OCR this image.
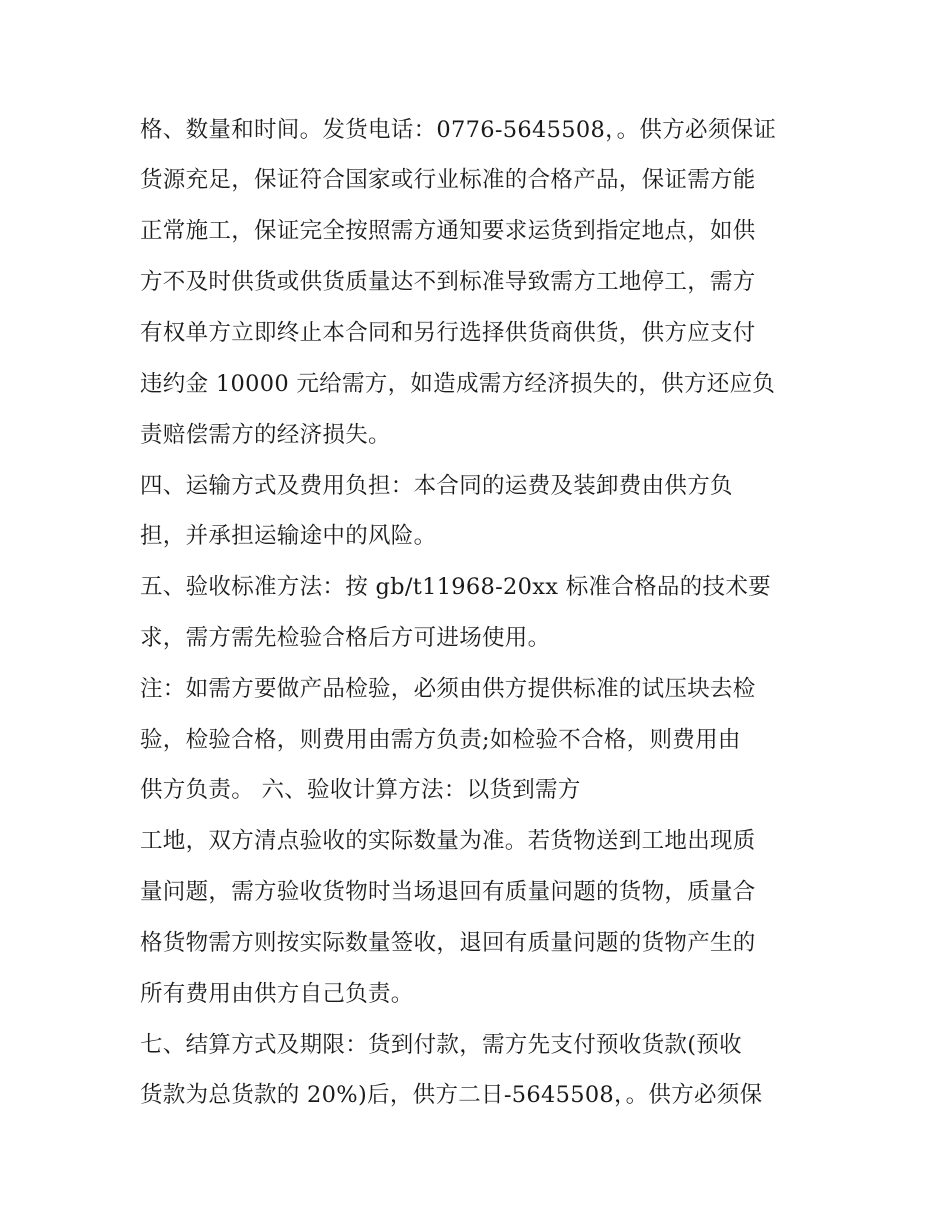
格、数量和时间。发货电话：0776-5645508，。供方必须保证
货源充足，保证符合国家或行业标准的合格产品，保证需方能
正常施工，保证完全按照需方通知要求运货到指定地点，如供
方不及时供货或供货质量达不到标准导致需方工地停工，需方
有权单方立即终止本合同和另行选择供货商供货，供方应支付
违约金 10000 元给需方，如造成需方经济损失的，供方还应负
责赔偿需方的经济损失。
四、运输方式及费用负担：本合同的运费及装卸费由供方负
担，并承担运输途中的风险。
五、验收标准方法：按 gb/t11968-20xx 标准合格品的技术要
求，需方需先检验合格后方可进场使用。
注：如需方要做产品检验，必须由供方提供标准的试压块去检
验，检验合格，则费用由需方负责;如检验不合格，则费用由
供方负责。 六、验收计算方法：以货到需方
工地，双方清点验收的实际数量为准。若货物送到工地出现质
量问题，需方验收货物时当场退回有质量问题的货物，质量合
格货物需方则按实际数量签收，退回有质量问题的货物产生的
所有费用由供方自己负责。
七、结算方式及期限：货到付款，需方先支付预收货款(预收
货款为总货款的 20%)后，供方二日-5645508，。供方必须保
